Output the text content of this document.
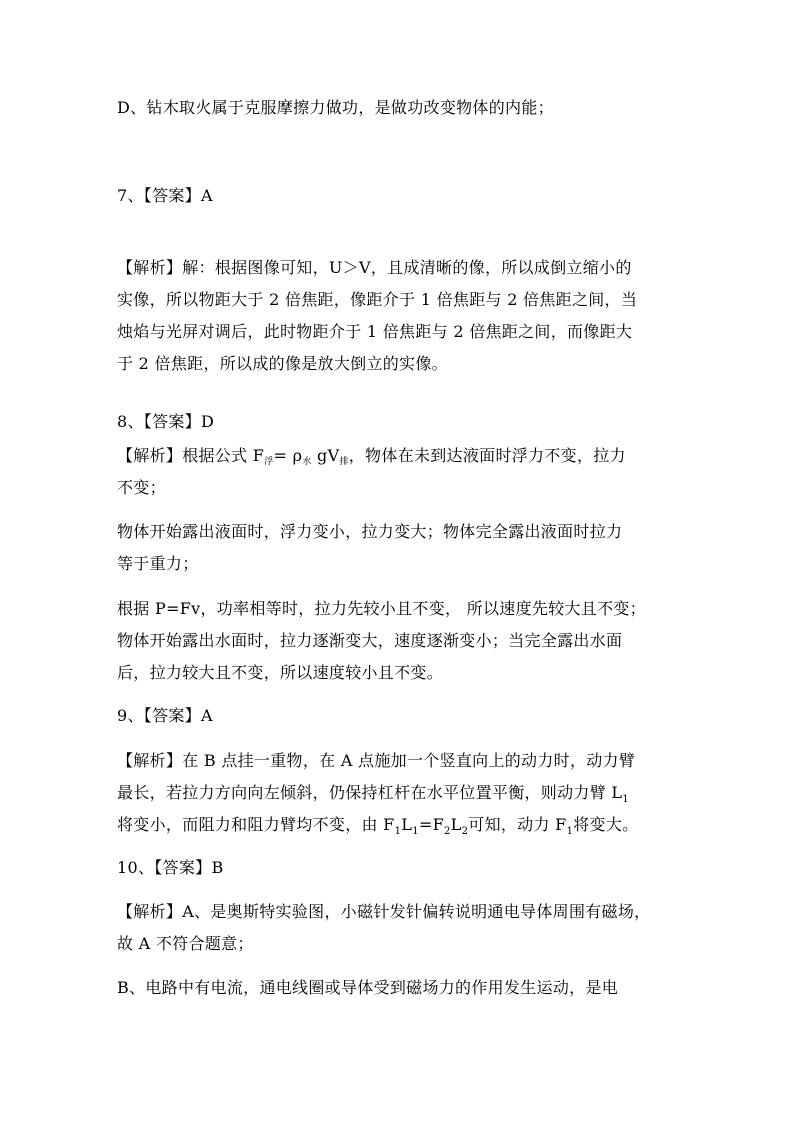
D、钻木取火属于克服摩擦力做功，是做功改变物体的内能；
7、【答案】A
【解析】解：根据图像可知，U＞V，且成清晰的像，所以成倒立缩小的
实像，所以物距大于 2 倍焦距，像距介于 1 倍焦距与 2 倍焦距之间，当
烛焰与光屏对调后，此时物距介于 1 倍焦距与 2 倍焦距之间，而像距大
于 2 倍焦距，所以成的像是放大倒立的实像。
8、【答案】D
【解析】根据公式 F浮= ρ水 gV排，物体在未到达液面时浮力不变，拉力
不变；
物体开始露出液面时，浮力变小，拉力变大；物体完全露出液面时拉力
等于重力；
根据 P=Fv，功率相等时，拉力先较小且不变， 所以速度先较大且不变；
物体开始露出水面时，拉力逐渐变大，速度逐渐变小；当完全露出水面
后，拉力较大且不变，所以速度较小且不变。
9、【答案】A
【解析】在 B 点挂一重物，在 A 点施加一个竖直向上的动力时，动力臂
最长，若拉力方向向左倾斜，仍保持杠杆在水平位置平衡，则动力臂 $L_1$
将变小，而阻力和阻力臂均不变，由 $F_1L_1=F_2L_2$可知，动力 $F_1$将变大。
10、【答案】B
【解析】A、是奥斯特实验图，小磁针发针偏转说明通电导体周围有磁场，
故 A 不符合题意；
B、电路中有电流，通电线圈或导体受到磁场力的作用发生运动，是电
